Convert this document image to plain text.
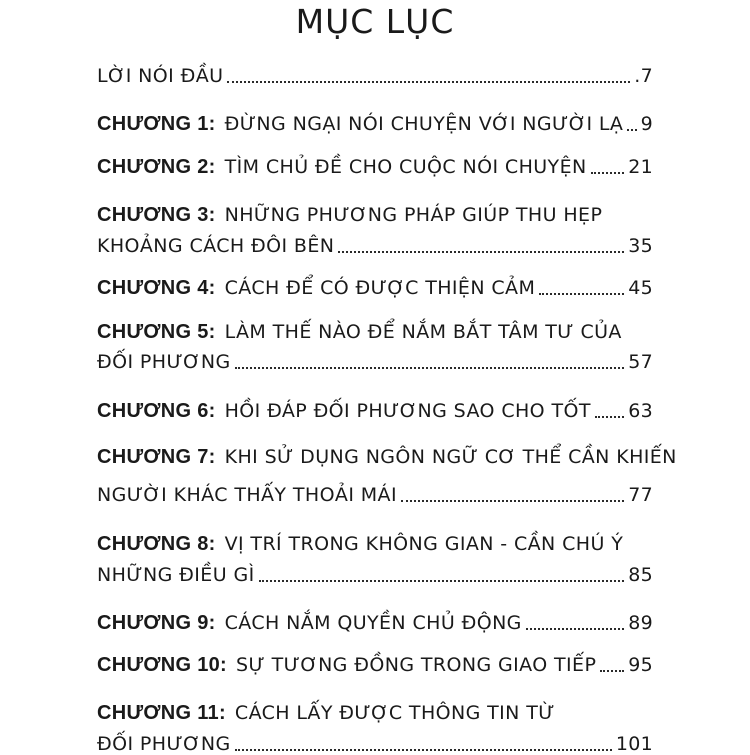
MỤC LỤC
LỜI NÓI ĐẦU	.7
CHƯƠNG 1: ĐỪNG NGẠI NÓI CHUYỆN VỚI NGƯỜI LẠ 9
CHƯƠNG 2: TÌM CHỦ ĐỀ CHO CUỘC NÓI CHUYỆN 21
CHƯƠNG 3: NHỮNG PHƯƠNG PHÁP GIÚP THU HẸP
KHOẢNG CÁCH ĐÔI BÊN	35
CHƯƠNG 4: CÁCH ĐỂ CÓ ĐƯỢC THIỆN CẢM	45
CHƯƠNG 5: LÀM THẾ NÀO ĐỂ NẮM BẮT TÂM TƯ CỦA
ĐỐI PHƯƠNG	57
CHƯƠNG 6: HỒI ĐÁP ĐỐI PHƯƠNG SAO CHO TỐT 63
CHƯƠNG 7: KHI SỬ DỤNG NGÔN NGỮ CƠ THỂ CẦN KHIẾN
NGƯỜI KHÁC THẤY THOẢI MÁI	77
CHƯƠNG 8: VỊ TRÍ TRONG KHÔNG GIAN - CẦN CHÚ Ý
NHỮNG ĐIỀU GÌ	85
CHƯƠNG 9: CÁCH NẮM QUYỀN CHỦ ĐỘNG	89
CHƯƠNG 10: SỰ TƯƠNG ĐỒNG TRONG GIAO TIẾP 95
CHƯƠNG 11: CÁCH LẤY ĐƯỢC THÔNG TIN TỪ
ĐỐI PHƯƠNG	101
